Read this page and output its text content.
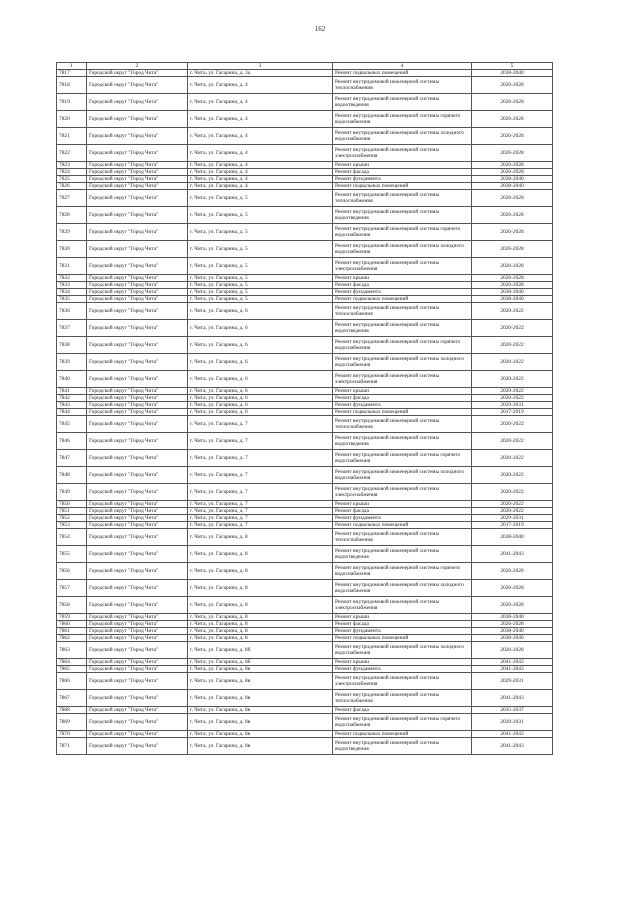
162
1	2	3	4	5
7817	Городской округ "Город Чита"	г. Чита, ул. Гагарина, д. 3а	Ремонт подвальных помещений	2038-2040
7818	Городской округ "Город Чита"	г. Чита, ул. Гагарина, д. 4	Ремонт внутридомовой инженерной системы теплоснабжения	2026-2028
7819	Городской округ "Город Чита"	г. Чита, ул. Гагарина, д. 4	Ремонт внутридомовой инженерной системы водоотведения	2026-2028
7820	Городской округ "Город Чита"	г. Чита, ул. Гагарина, д. 4	Ремонт внутридомовой инженерной системы горячего водоснабжения	2026-2028
7821	Городской округ "Город Чита"	г. Чита, ул. Гагарина, д. 4	Ремонт внутридомовой инженерной системы холодного водоснабжения	2026-2028
7822	Городской округ "Город Чита"	г. Чита, ул. Гагарина, д. 4	Ремонт внутридомовой инженерной системы электроснабжения	2026-2028
7823	Городской округ "Город Чита"	г. Чита, ул. Гагарина, д. 4	Ремонт крыши	2026-2028
7824	Городской округ "Город Чита"	г. Чита, ул. Гагарина, д. 4	Ремонт фасада	2026-2028
7825	Городской округ "Город Чита"	г. Чита, ул. Гагарина, д. 4	Ремонт фундамента	2038-2040
7826	Городской округ "Город Чита"	г. Чита, ул. Гагарина, д. 4	Ремонт подвальных помещений	2038-2040
7827	Городской округ "Город Чита"	г. Чита, ул. Гагарина, д. 5	Ремонт внутридомовой инженерной системы теплоснабжения	2026-2028
7828	Городской округ "Город Чита"	г. Чита, ул. Гагарина, д. 5	Ремонт внутридомовой инженерной системы водоотведения	2026-2028
7829	Городской округ "Город Чита"	г. Чита, ул. Гагарина, д. 5	Ремонт внутридомовой инженерной системы горячего водоснабжения	2026-2028
7830	Городской округ "Город Чита"	г. Чита, ул. Гагарина, д. 5	Ремонт внутридомовой инженерной системы холодного водоснабжения	2026-2028
7831	Городской округ "Город Чита"	г. Чита, ул. Гагарина, д. 5	Ремонт внутридомовой инженерной системы электроснабжения	2026-2028
7832	Городской округ "Город Чита"	г. Чита, ул. Гагарина, д. 5	Ремонт крыши	2026-2028
7833	Городской округ "Город Чита"	г. Чита, ул. Гагарина, д. 5	Ремонт фасада	2026-2028
7834	Городской округ "Город Чита"	г. Чита, ул. Гагарина, д. 5	Ремонт фундамента	2038-2040
7835	Городской округ "Город Чита"	г. Чита, ул. Гагарина, д. 5	Ремонт подвальных помещений	2038-2040
7836	Городской округ "Город Чита"	г. Чита, ул. Гагарина, д. 6	Ремонт внутридомовой инженерной системы теплоснабжения	2020-2022
7837	Городской округ "Город Чита"	г. Чита, ул. Гагарина, д. 6	Ремонт внутридомовой инженерной системы водоотведения	2020-2022
7838	Городской округ "Город Чита"	г. Чита, ул. Гагарина, д. 6	Ремонт внутридомовой инженерной системы горячего водоснабжения	2020-2022
7839	Городской округ "Город Чита"	г. Чита, ул. Гагарина, д. 6	Ремонт внутридомовой инженерной системы холодного водоснабжения	2020-2022
7840	Городской округ "Город Чита"	г. Чита, ул. Гагарина, д. 6	Ремонт внутридомовой инженерной системы электроснабжения	2020-2022
7841	Городской округ "Город Чита"	г. Чита, ул. Гагарина, д. 6	Ремонт крыши	2020-2022
7842	Городской округ "Город Чита"	г. Чита, ул. Гагарина, д. 6	Ремонт фасада	2020-2022
7843	Городской округ "Город Чита"	г. Чита, ул. Гагарина, д. 6	Ремонт фундамента	2029-2031
7844	Городской округ "Город Чита"	г. Чита, ул. Гагарина, д. 6	Ремонт подвальных помещений	2017-2019
7845	Городской округ "Город Чита"	г. Чита, ул. Гагарина, д. 7	Ремонт внутридомовой инженерной системы теплоснабжения	2020-2022
7846	Городской округ "Город Чита"	г. Чита, ул. Гагарина, д. 7	Ремонт внутридомовой инженерной системы водоотведения	2020-2022
7847	Городской округ "Город Чита"	г. Чита, ул. Гагарина, д. 7	Ремонт внутридомовой инженерной системы горячего водоснабжения	2020-2022
7848	Городской округ "Город Чита"	г. Чита, ул. Гагарина, д. 7	Ремонт внутридомовой инженерной системы холодного водоснабжения	2020-2022
7849	Городской округ "Город Чита"	г. Чита, ул. Гагарина, д. 7	Ремонт внутридомовой инженерной системы электроснабжения	2020-2022
7850	Городской округ "Город Чита"	г. Чита, ул. Гагарина, д. 7	Ремонт крыши	2020-2022
7851	Городской округ "Город Чита"	г. Чита, ул. Гагарина, д. 7	Ремонт фасада	2020-2022
7852	Городской округ "Город Чита"	г. Чита, ул. Гагарина, д. 7	Ремонт фундамента	2029-2031
7853	Городской округ "Город Чита"	г. Чита, ул. Гагарина, д. 7	Ремонт подвальных помещений	2017-2019
7854	Городской округ "Город Чита"	г. Чита, ул. Гагарина, д. 8	Ремонт внутридомовой инженерной системы теплоснабжения	2038-2040
7855	Городской округ "Город Чита"	г. Чита, ул. Гагарина, д. 8	Ремонт внутридомовой инженерной системы водоотведения	2041-2043
7856	Городской округ "Город Чита"	г. Чита, ул. Гагарина, д. 8	Ремонт внутридомовой инженерной системы горячего водоснабжения	2026-2028
7857	Городской округ "Город Чита"	г. Чита, ул. Гагарина, д. 8	Ремонт внутридомовой инженерной системы холодного водоснабжения	2026-2028
7858	Городской округ "Город Чита"	г. Чита, ул. Гагарина, д. 8	Ремонт внутридомовой инженерной системы электроснабжения	2026-2028
7859	Городской округ "Город Чита"	г. Чита, ул. Гагарина, д. 8	Ремонт крыши	2038-2040
7860	Городской округ "Город Чита"	г. Чита, ул. Гагарина, д. 8	Ремонт фасада	2026-2028
7861	Городской округ "Город Чита"	г. Чита, ул. Гагарина, д. 8	Ремонт фундамента	2038-2040
7862	Городской округ "Город Чита"	г. Чита, ул. Гагарина, д. 8	Ремонт подвальных помещений	2038-2040
7863	Городской округ "Город Чита"	г. Чита, ул. Гагарина, д. 8б	Ремонт внутридомовой инженерной системы холодного водоснабжения	2026-2028
7864	Городской округ "Город Чита"	г. Чита, ул. Гагарина, д. 8б	Ремонт крыши	2041-2043
7865	Городской округ "Город Чита"	г. Чита, ул. Гагарина, д. 8в	Ремонт фундамента	2041-2043
7866	Городской округ "Город Чита"	г. Чита, ул. Гагарина, д. 8в	Ремонт внутридомовой инженерной системы электроснабжения	2029-2031
7867	Городской округ "Город Чита"	г. Чита, ул. Гагарина, д. 8в	Ремонт внутридомовой инженерной системы теплоснабжения	2041-2043
7868	Городской округ "Город Чита"	г. Чита, ул. Гагарина, д. 8в	Ремонт фасада	2035-2037
7869	Городской округ "Город Чита"	г. Чита, ул. Гагарина, д. 8в	Ремонт внутридомовой инженерной системы горячего водоснабжения	2029-2031
7870	Городской округ "Город Чита"	г. Чита, ул. Гагарина, д. 8в	Ремонт подвальных помещений	2041-2043
7871	Городской округ "Город Чита"	г. Чита, ул. Гагарина, д. 8в	Ремонт внутридомовой инженерной системы водоотведения	2041-2043
